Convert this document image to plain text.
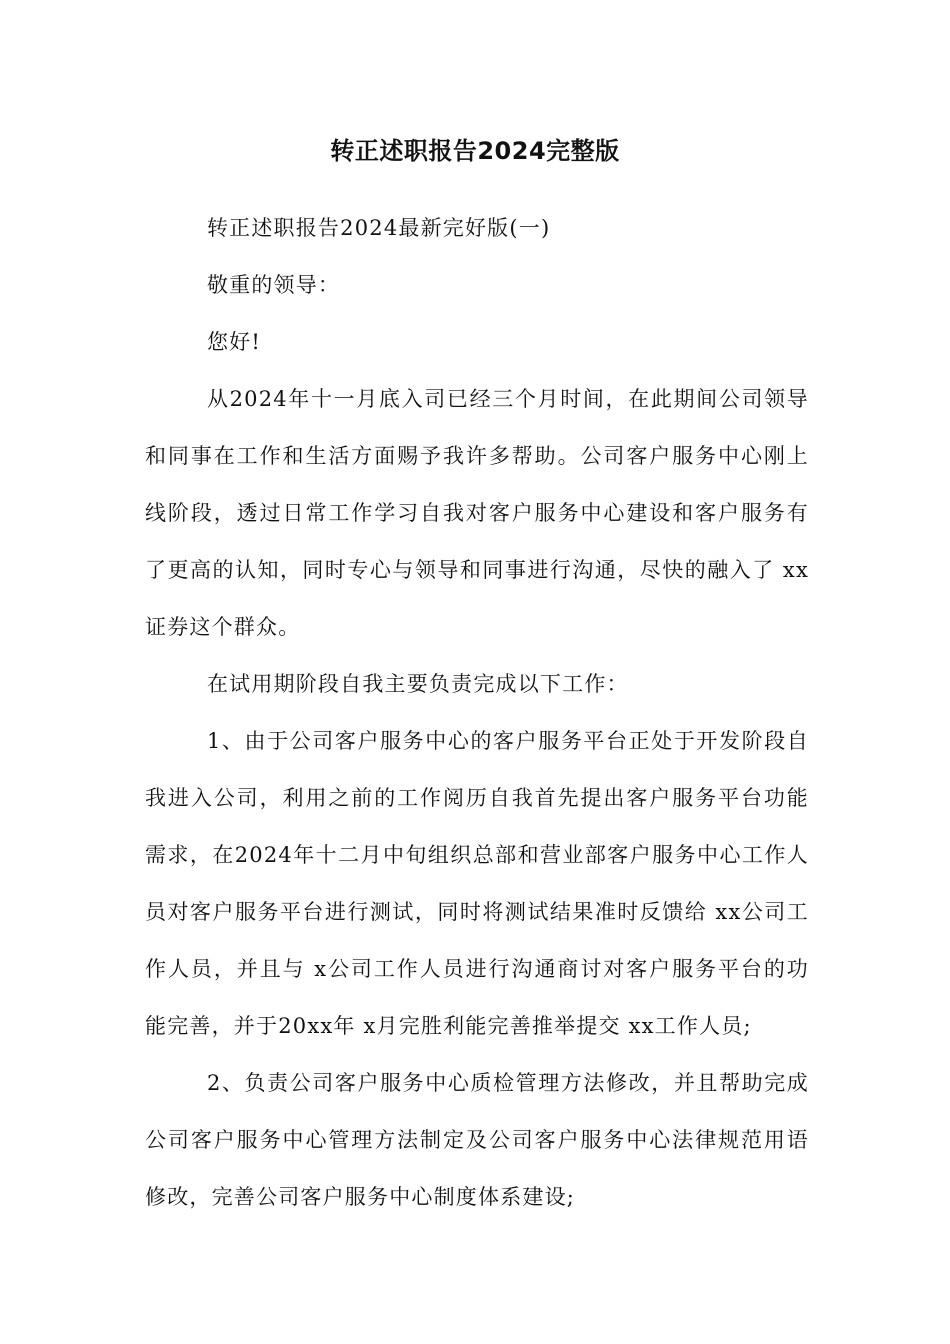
转正述职报告2024完整版

转正述职报告2024最新完好版(一)

敬重的领导：

您好!

从2024年十一月底入司已经三个月时间，在此期间公司领导和同事在工作和生活方面赐予我许多帮助。公司客户服务中心刚上线阶段，透过日常工作学习自我对客户服务中心建设和客户服务有了更高的认知，同时专心与领导和同事进行沟通，尽快的融入了 xx证券这个群众。

在试用期阶段自我主要负责完成以下工作：

1、由于公司客户服务中心的客户服务平台正处于开发阶段自我进入公司，利用之前的工作阅历自我首先提出客户服务平台功能需求，在2024年十二月中旬组织总部和营业部客户服务中心工作人员对客户服务平台进行测试，同时将测试结果准时反馈给 xx公司工作人员，并且与 x公司工作人员进行沟通商讨对客户服务平台的功能完善，并于20xx年 x月完胜利能完善推举提交 xx工作人员;

2、负责公司客户服务中心质检管理方法修改，并且帮助完成公司客户服务中心管理方法制定及公司客户服务中心法律规范用语修改，完善公司客户服务中心制度体系建设;
